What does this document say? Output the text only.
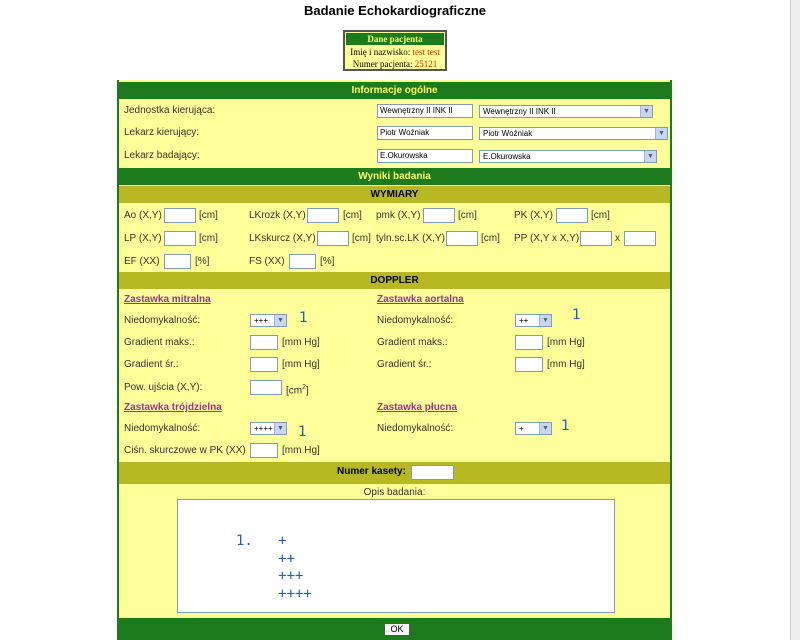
Badanie Echokardiograficzne
Dane pacjenta
Imię i nazwisko: test test
Numer pacjenta: 25121
Informacje ogólne
Jednostka kierująca:	Wewnętrzny II INK II	Wewnętrzny II INK II	▼
Lekarz kierujący:	Piotr Woźniak	Piotr Woźniak	▼
Lekarz badający:	E.Okurowska	E.Okurowska	▼
Wyniki badania
WYMIARY
Ao (X,Y)	[cm]	LKrozk (X,Y)	[cm] pmk (X,Y)	[cm]	PK (X,Y)	[cm]
LP (X,Y)	[cm]	LKskurcz (X,Y)	[cm] tyln.sc.LK (X,Y)	[cm] PP (X,Y x X,Y)	x
EF (XX)	[%]	FS (XX)	[%]
DOPPLER
Zastawka mitralna	Zastawka aortalna
Niedomykalność:	+++	▼ 1	Niedomykalność:	++	▼ 1
Gradient maks.:	[mm Hg]	Gradient maks.:	[mm Hg]
Gradient śr.:	[mm Hg]	Gradient śr.:	[mm Hg]
Pow. ujścia (X,Y):	$[cm^2]$
Zastawka trójdzielna	Zastawka płucna
Niedomykalność:	++++ ▼ 1	Niedomykalność:	+	▼ 1
Ciśn. skurczowe w PK (XX)	[mm Hg]
Numer kasety:
Opis badania:
1.   +
++
+++
++++
OK
